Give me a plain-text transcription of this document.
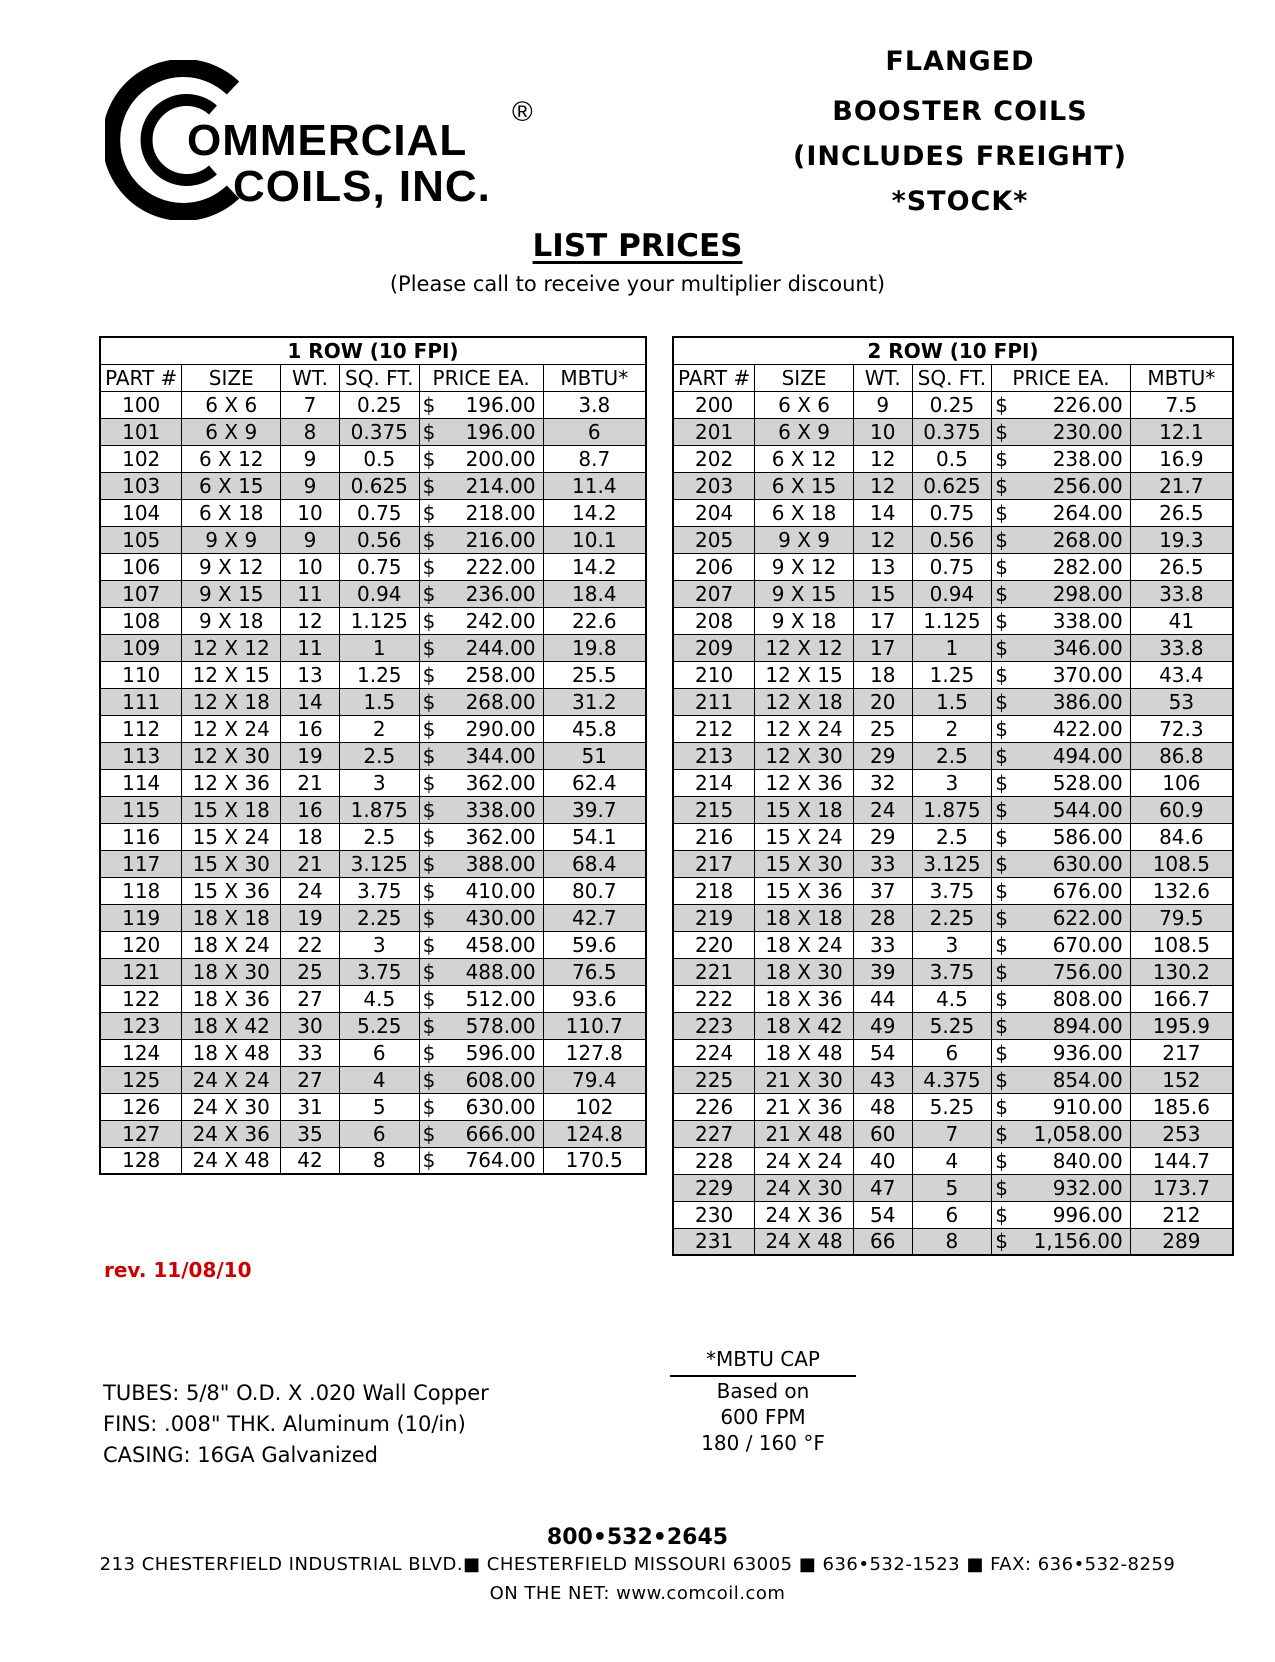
OMMERCIAL
COILS, INC.
®
FLANGED
BOOSTER COILS
(INCLUDES FREIGHT)
*STOCK*
LIST PRICES
(Please call to receive your multiplier discount)
1 ROW (10 FPI)					
PART #	SIZE	WT.	SQ. FT.	PRICE EA.	MBTU*
100	6 X 6	7	0.25	$ 196.00	3.8
101	6 X 9	8	0.375	$ 196.00	6
102	6 X 12	9	0.5	$ 200.00	8.7
103	6 X 15	9	0.625	$ 214.00	11.4
104	6 X 18	10	0.75	$ 218.00	14.2
105	9 X 9	9	0.56	$ 216.00	10.1
106	9 X 12	10	0.75	$ 222.00	14.2
107	9 X 15	11	0.94	$ 236.00	18.4
108	9 X 18	12	1.125	$ 242.00	22.6
109	12 X 12	11	1	$ 244.00	19.8
110	12 X 15	13	1.25	$ 258.00	25.5
111	12 X 18	14	1.5	$ 268.00	31.2
112	12 X 24	16	2	$ 290.00	45.8
113	12 X 30	19	2.5	$ 344.00	51
114	12 X 36	21	3	$ 362.00	62.4
115	15 X 18	16	1.875	$ 338.00	39.7
116	15 X 24	18	2.5	$ 362.00	54.1
117	15 X 30	21	3.125	$ 388.00	68.4
118	15 X 36	24	3.75	$ 410.00	80.7
119	18 X 18	19	2.25	$ 430.00	42.7
120	18 X 24	22	3	$ 458.00	59.6
121	18 X 30	25	3.75	$ 488.00	76.5
122	18 X 36	27	4.5	$ 512.00	93.6
123	18 X 42	30	5.25	$ 578.00	110.7
124	18 X 48	33	6	$ 596.00	127.8
125	24 X 24	27	4	$ 608.00	79.4
126	24 X 30	31	5	$ 630.00	102
127	24 X 36	35	6	$ 666.00	124.8
128	24 X 48	42	8	$ 764.00	170.5
2 ROW (10 FPI)					
PART #	SIZE	WT.	SQ. FT.	PRICE EA.	MBTU*
200	6 X 6	9	0.25	$ 226.00	7.5
201	6 X 9	10	0.375	$ 230.00	12.1
202	6 X 12	12	0.5	$ 238.00	16.9
203	6 X 15	12	0.625	$ 256.00	21.7
204	6 X 18	14	0.75	$ 264.00	26.5
205	9 X 9	12	0.56	$ 268.00	19.3
206	9 X 12	13	0.75	$ 282.00	26.5
207	9 X 15	15	0.94	$ 298.00	33.8
208	9 X 18	17	1.125	$ 338.00	41
209	12 X 12	17	1	$ 346.00	33.8
210	12 X 15	18	1.25	$ 370.00	43.4
211	12 X 18	20	1.5	$ 386.00	53
212	12 X 24	25	2	$ 422.00	72.3
213	12 X 30	29	2.5	$ 494.00	86.8
214	12 X 36	32	3	$ 528.00	106
215	15 X 18	24	1.875	$ 544.00	60.9
216	15 X 24	29	2.5	$ 586.00	84.6
217	15 X 30	33	3.125	$ 630.00	108.5
218	15 X 36	37	3.75	$ 676.00	132.6
219	18 X 18	28	2.25	$ 622.00	79.5
220	18 X 24	33	3	$ 670.00	108.5
221	18 X 30	39	3.75	$ 756.00	130.2
222	18 X 36	44	4.5	$ 808.00	166.7
223	18 X 42	49	5.25	$ 894.00	195.9
224	18 X 48	54	6	$ 936.00	217
225	21 X 30	43	4.375	$ 854.00	152
226	21 X 36	48	5.25	$ 910.00	185.6
227	21 X 48	60	7	$ 1,058.00	253
228	24 X 24	40	4	$ 840.00	144.7
229	24 X 30	47	5	$ 932.00	173.7
230	24 X 36	54	6	$ 996.00	212
231	24 X 48	66	8	$ 1,156.00	289
rev. 11/08/10
TUBES: 5/8" O.D. X .020 Wall Copper
FINS: .008" THK. Aluminum (10/in)
CASING: 16GA Galvanized
*MBTU CAP
Based on
600 FPM
180 / 160 °F
800•532•2645
213 CHESTERFIELD INDUSTRIAL BLVD.■ CHESTERFIELD MISSOURI 63005 ■ 636•532-1523 ■ FAX: 636•532-8259
ON THE NET: www.comcoil.com
